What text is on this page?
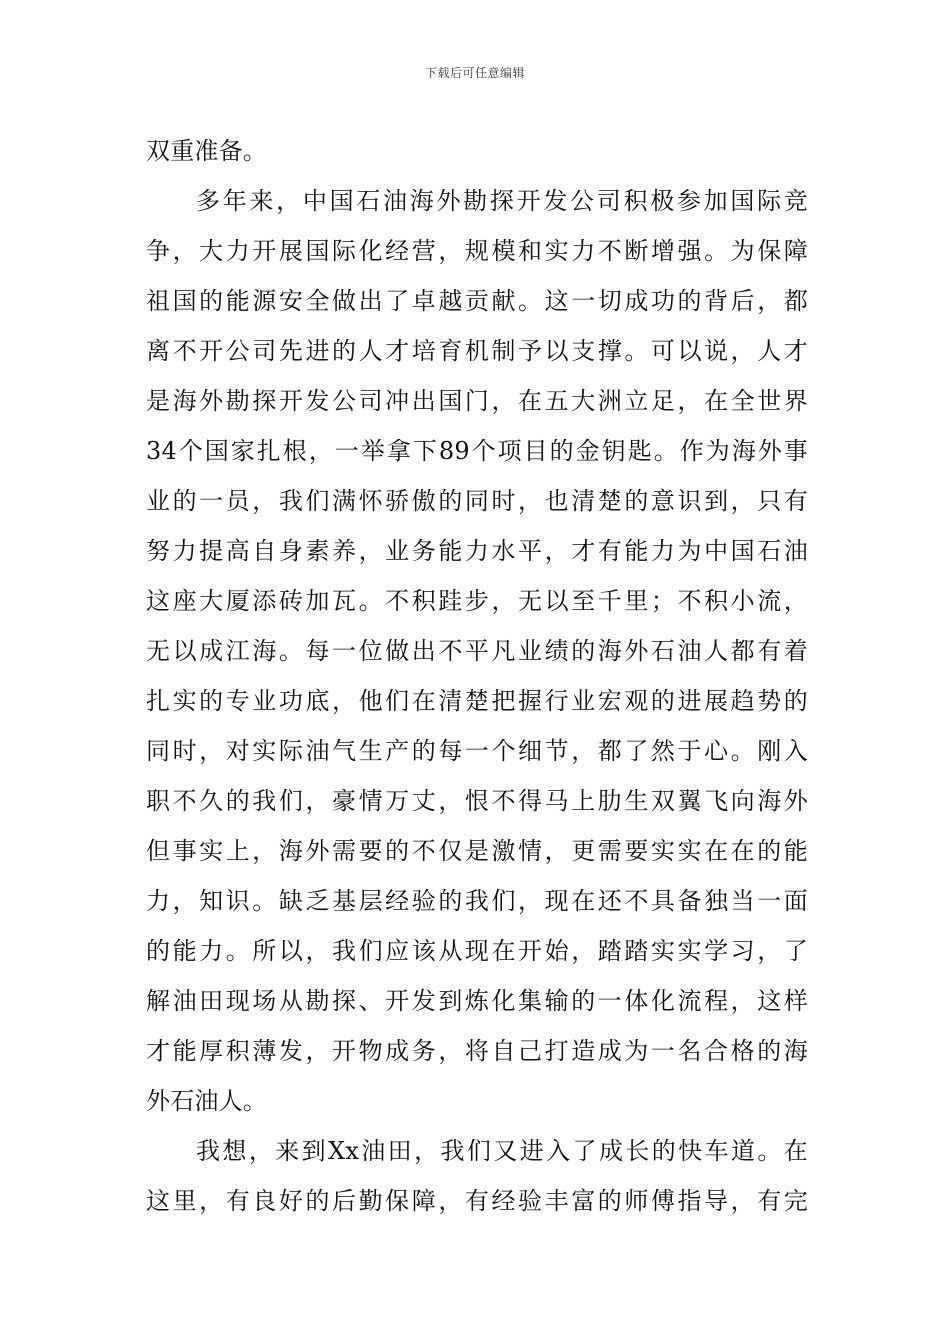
下载后可任意编辑
双重准备。
多年来，中国石油海外勘探开发公司积极参加国际竞
争，大力开展国际化经营，规模和实力不断增强。为保障
祖国的能源安全做出了卓越贡献。这一切成功的背后，都
离不开公司先进的人才培育机制予以支撑。可以说，人才
是海外勘探开发公司冲出国门，在五大洲立足，在全世界
34个国家扎根，一举拿下89个项目的金钥匙。作为海外事
业的一员，我们满怀骄傲的同时，也清楚的意识到，只有
努力提高自身素养，业务能力水平，才有能力为中国石油
这座大厦添砖加瓦。不积跬步，无以至千里；不积小流，
无以成江海。每一位做出不平凡业绩的海外石油人都有着
扎实的专业功底，他们在清楚把握行业宏观的进展趋势的
同时，对实际油气生产的每一个细节，都了然于心。刚入
职不久的我们，豪情万丈，恨不得马上肋生双翼飞向海外
但事实上，海外需要的不仅是激情，更需要实实在在的能
力，知识。缺乏基层经验的我们，现在还不具备独当一面
的能力。所以，我们应该从现在开始，踏踏实实学习，了
解油田现场从勘探、开发到炼化集输的一体化流程，这样
才能厚积薄发，开物成务，将自己打造成为一名合格的海
外石油人。
我想，来到Xx油田，我们又进入了成长的快车道。在
这里，有良好的后勤保障，有经验丰富的师傅指导，有完
